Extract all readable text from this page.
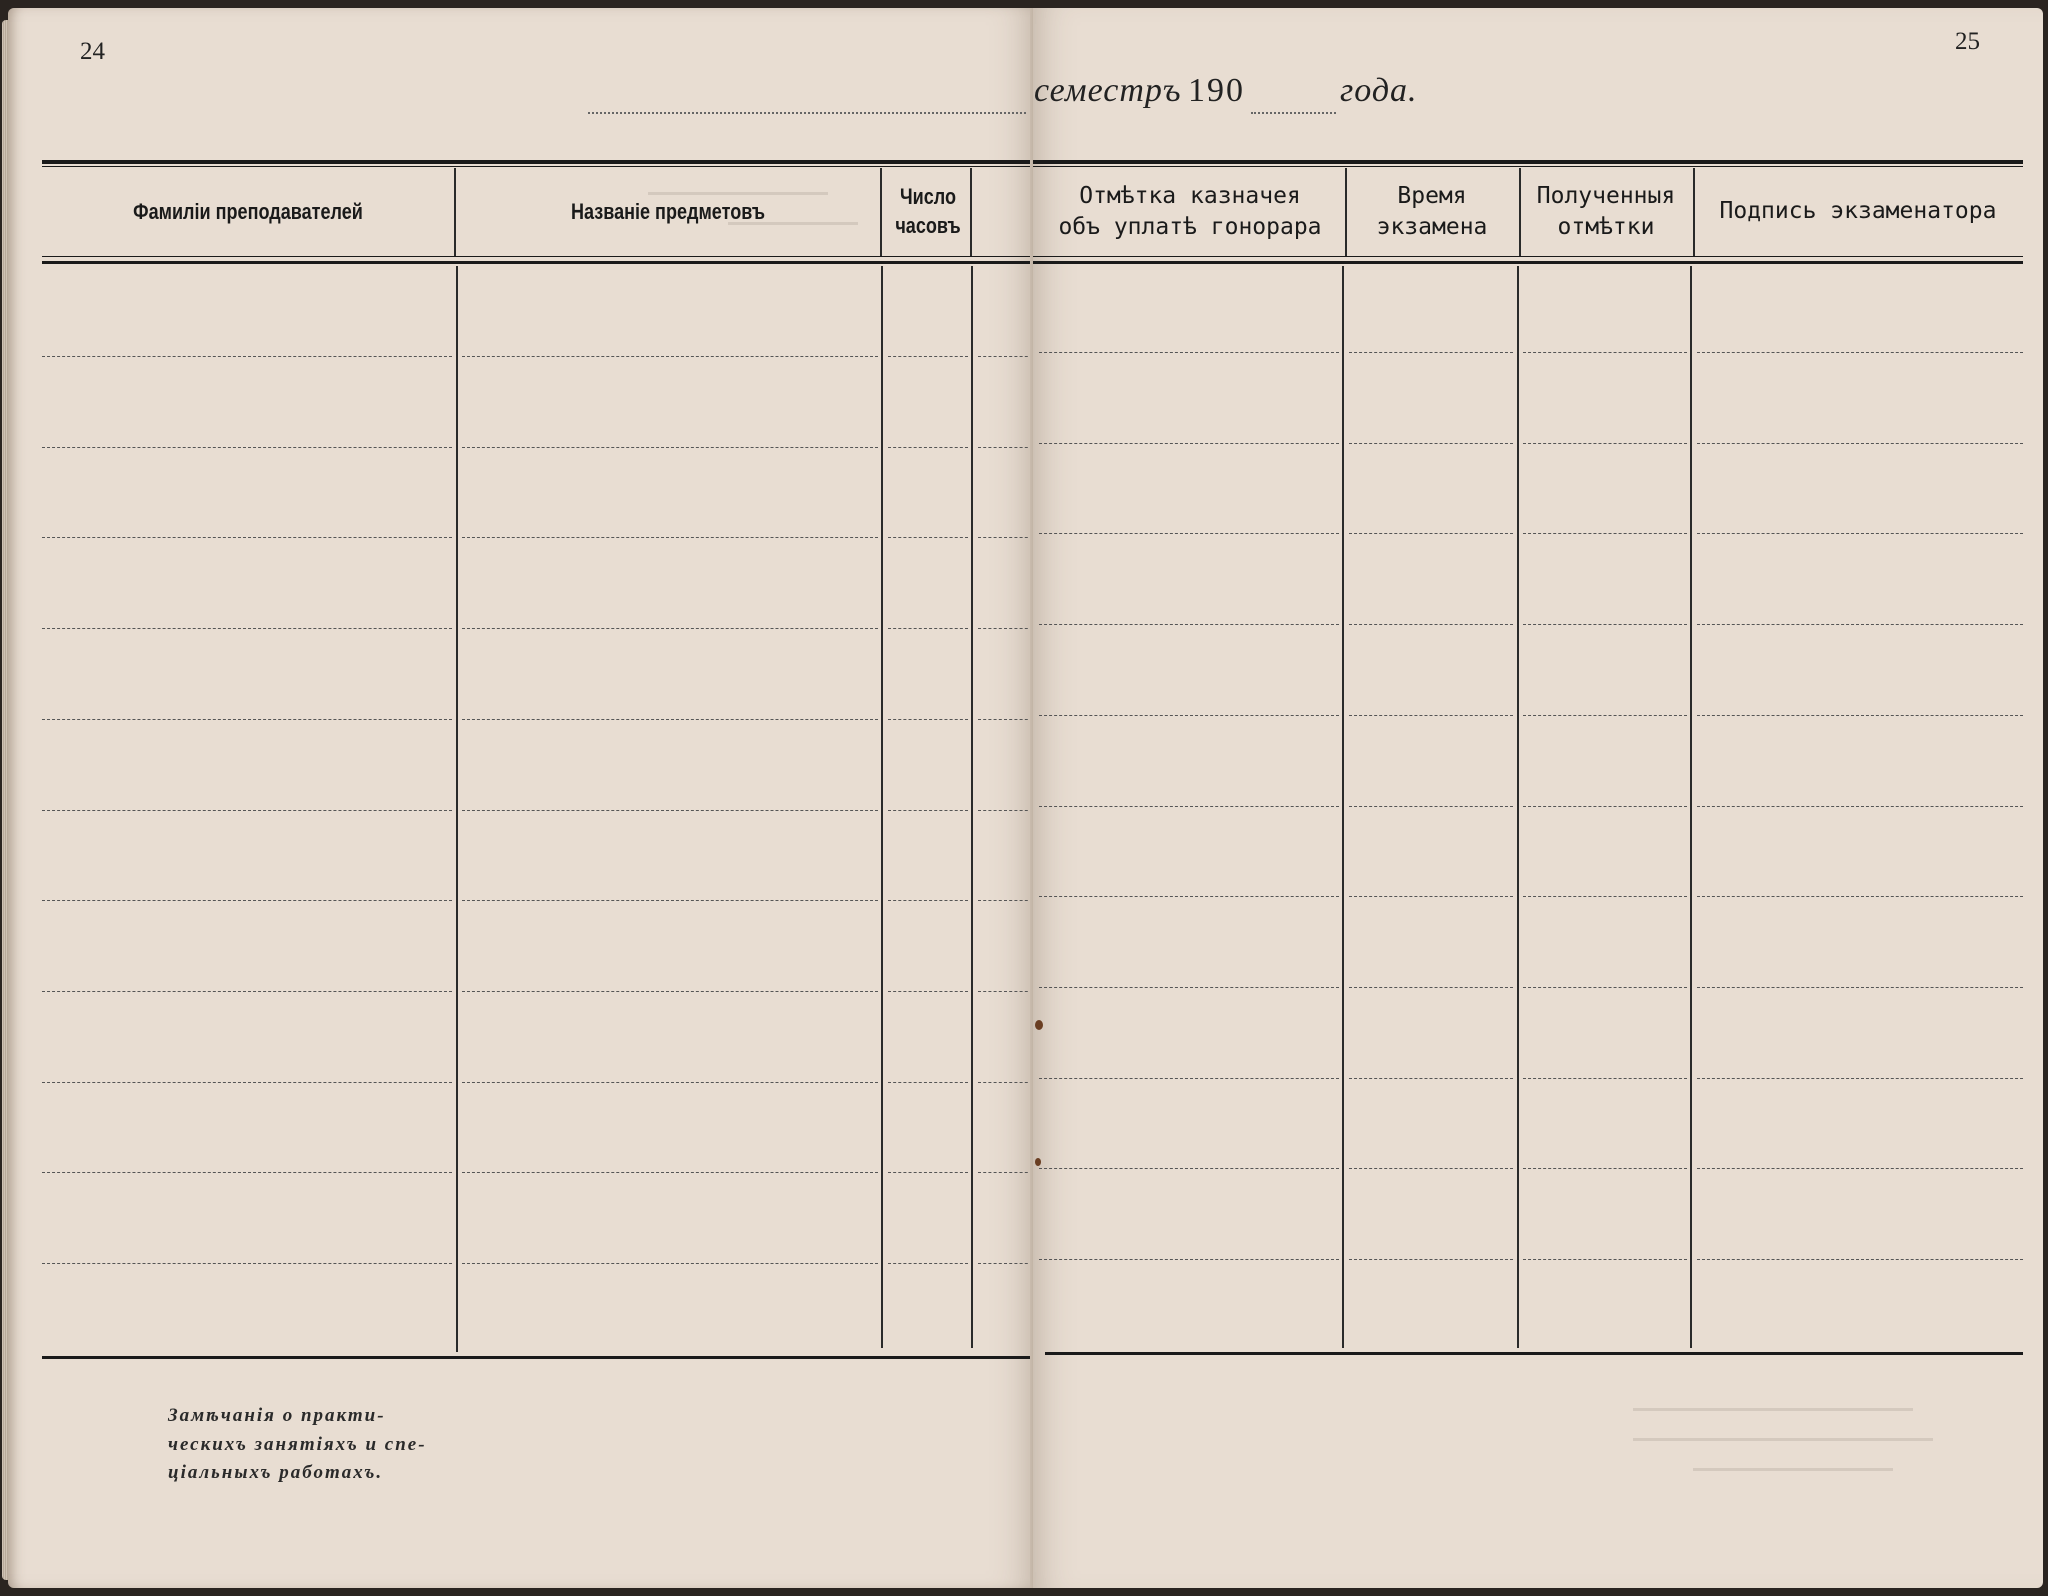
24
Фамилiи преподавателей	Названiе предметовъ
Число
часовъ
Замѣчанiя о практи-
ческихъ занятiяхъ и спе-
цiальныхъ работахъ.
25
Отмѣтка казначея
объ уплатѣ гонорара
Время
экзамена
Полученныя
отмѣтки
Подпись экзаменатора
семестръ 190	года.
